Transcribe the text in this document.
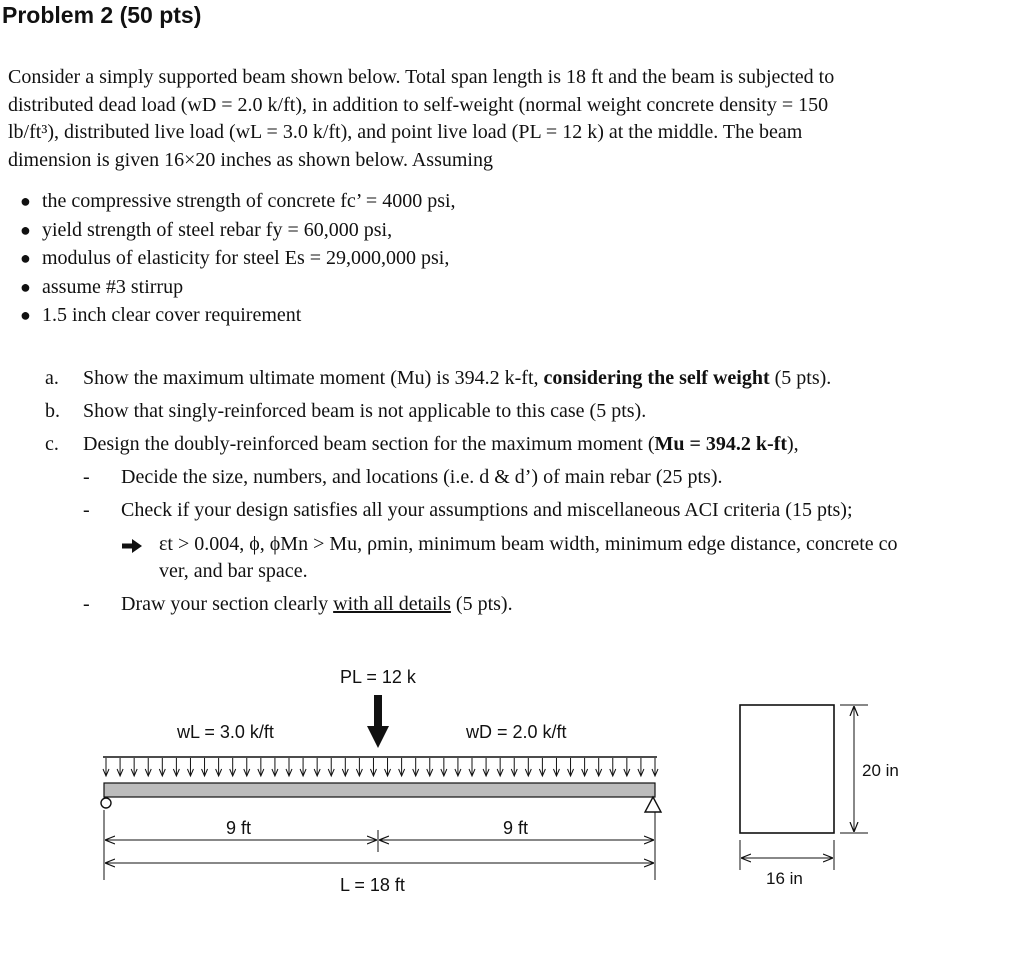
Problem 2 (50 pts)
Consider a simply supported beam shown below. Total span length is 18 ft and the beam is subjected to
distributed dead load (wD = 2.0 k/ft), in addition to self-weight (normal weight concrete density = 150
lb/ft³), distributed live load (wL = 3.0 k/ft), and point live load (PL = 12 k) at the middle. The beam
dimension is given 16×20 inches as shown below. Assuming
● the compressive strength of concrete fc’ = 4000 psi,
● yield strength of steel rebar fy = 60,000 psi,
● modulus of elasticity for steel Es = 29,000,000 psi,
● assume #3 stirrup
● 1.5 inch clear cover requirement
a. Show the maximum ultimate moment (Mu) is 394.2 k-ft, considering the self weight (5 pts).
b. Show that singly-reinforced beam is not applicable to this case (5 pts).
c. Design the doubly-reinforced beam section for the maximum moment (Mu = 394.2 k-ft),
- Decide the size, numbers, and locations (i.e. d & d’) of main rebar (25 pts).
- Check if your design satisfies all your assumptions and miscellaneous ACI criteria (15 pts);
εt > 0.004, ϕ, ϕMn > Mu, ρmin, minimum beam width, minimum edge distance, concrete co
ver, and bar space.
- Draw your section clearly with all details (5 pts).
PL = 12 k
wL = 3.0 k/ft	wD = 2.0 k/ft
9 ft	9 ft
L = 18 ft
20 in
16 in
